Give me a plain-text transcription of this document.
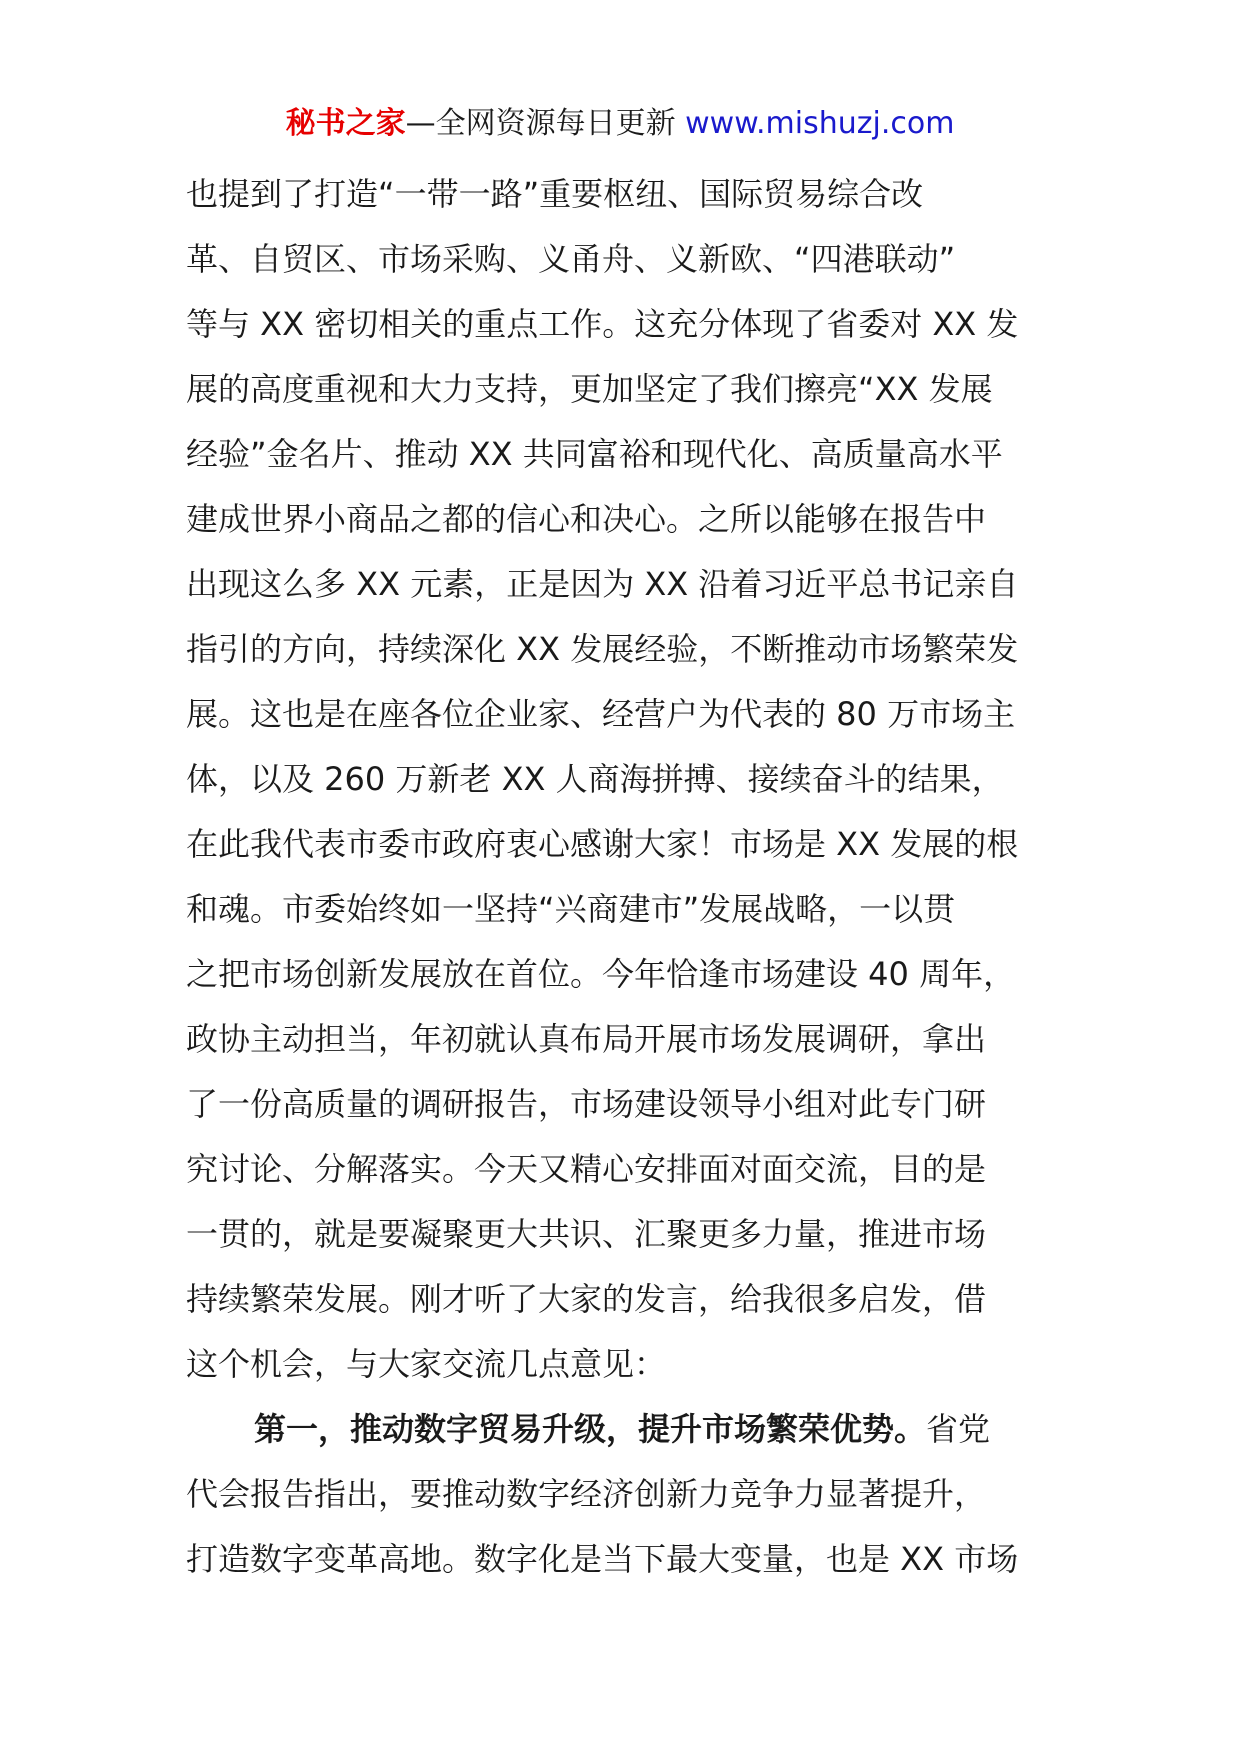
秘书之家—全网资源每日更新 www.mishuzj.com
也提到了打造“一带一路”重要枢纽、国际贸易综合改
革、自贸区、市场采购、义甬舟、义新欧、“四港联动”
等与 XX 密切相关的重点工作。这充分体现了省委对 XX 发
展的高度重视和大力支持，更加坚定了我们擦亮“XX 发展
经验”金名片、推动 XX 共同富裕和现代化、高质量高水平
建成世界小商品之都的信心和决心。之所以能够在报告中
出现这么多 XX 元素，正是因为 XX 沿着习近平总书记亲自
指引的方向，持续深化 XX 发展经验，不断推动市场繁荣发
展。这也是在座各位企业家、经营户为代表的 80 万市场主
体，以及 260 万新老 XX 人商海拼搏、接续奋斗的结果，
在此我代表市委市政府衷心感谢大家！市场是 XX 发展的根
和魂。市委始终如一坚持“兴商建市”发展战略，一以贯
之把市场创新发展放在首位。今年恰逢市场建设 40 周年，
政协主动担当，年初就认真布局开展市场发展调研，拿出
了一份高质量的调研报告，市场建设领导小组对此专门研
究讨论、分解落实。今天又精心安排面对面交流，目的是
一贯的，就是要凝聚更大共识、汇聚更多力量，推进市场
持续繁荣发展。刚才听了大家的发言，给我很多启发，借
这个机会，与大家交流几点意见：
第一，推动数字贸易升级，提升市场繁荣优势。省党
代会报告指出，要推动数字经济创新力竞争力显著提升，
打造数字变革高地。数字化是当下最大变量，也是 XX 市场
